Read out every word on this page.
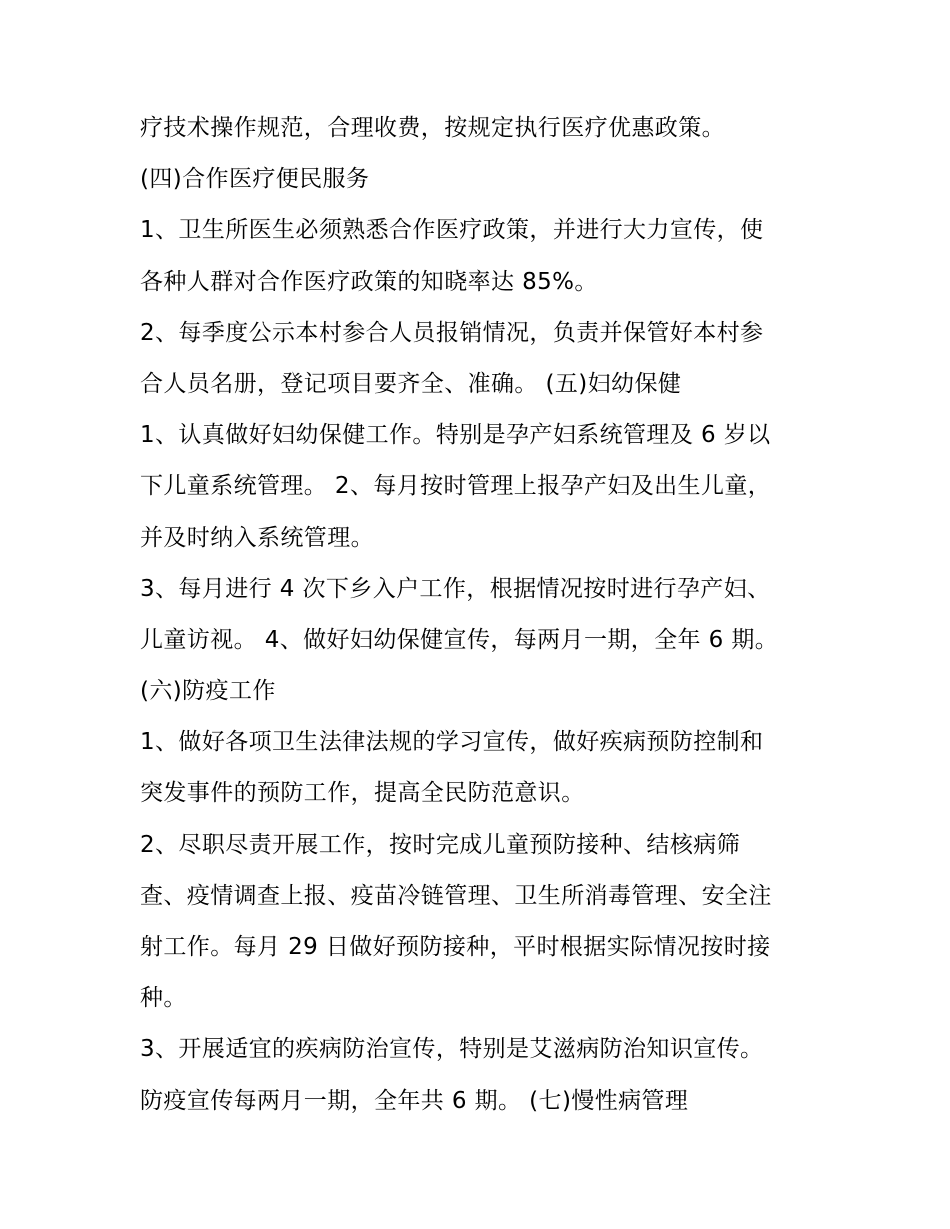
疗技术操作规范，合理收费，按规定执行医疗优惠政策。
(四)合作医疗便民服务
1、卫生所医生必须熟悉合作医疗政策，并进行大力宣传，使
各种人群对合作医疗政策的知晓率达 85%。
2、每季度公示本村参合人员报销情况，负责并保管好本村参
合人员名册，登记项目要齐全、准确。 (五)妇幼保健
1、认真做好妇幼保健工作。特别是孕产妇系统管理及 6 岁以
下儿童系统管理。 2、每月按时管理上报孕产妇及出生儿童，
并及时纳入系统管理。
3、每月进行 4 次下乡入户工作，根据情况按时进行孕产妇、
儿童访视。 4、做好妇幼保健宣传，每两月一期，全年 6 期。
(六)防疫工作
1、做好各项卫生法律法规的学习宣传，做好疾病预防控制和
突发事件的预防工作，提高全民防范意识。
2、尽职尽责开展工作，按时完成儿童预防接种、结核病筛
查、疫情调查上报、疫苗冷链管理、卫生所消毒管理、安全注
射工作。每月 29 日做好预防接种，平时根据实际情况按时接
种。
3、开展适宜的疾病防治宣传，特别是艾滋病防治知识宣传。
防疫宣传每两月一期，全年共 6 期。 (七)慢性病管理
